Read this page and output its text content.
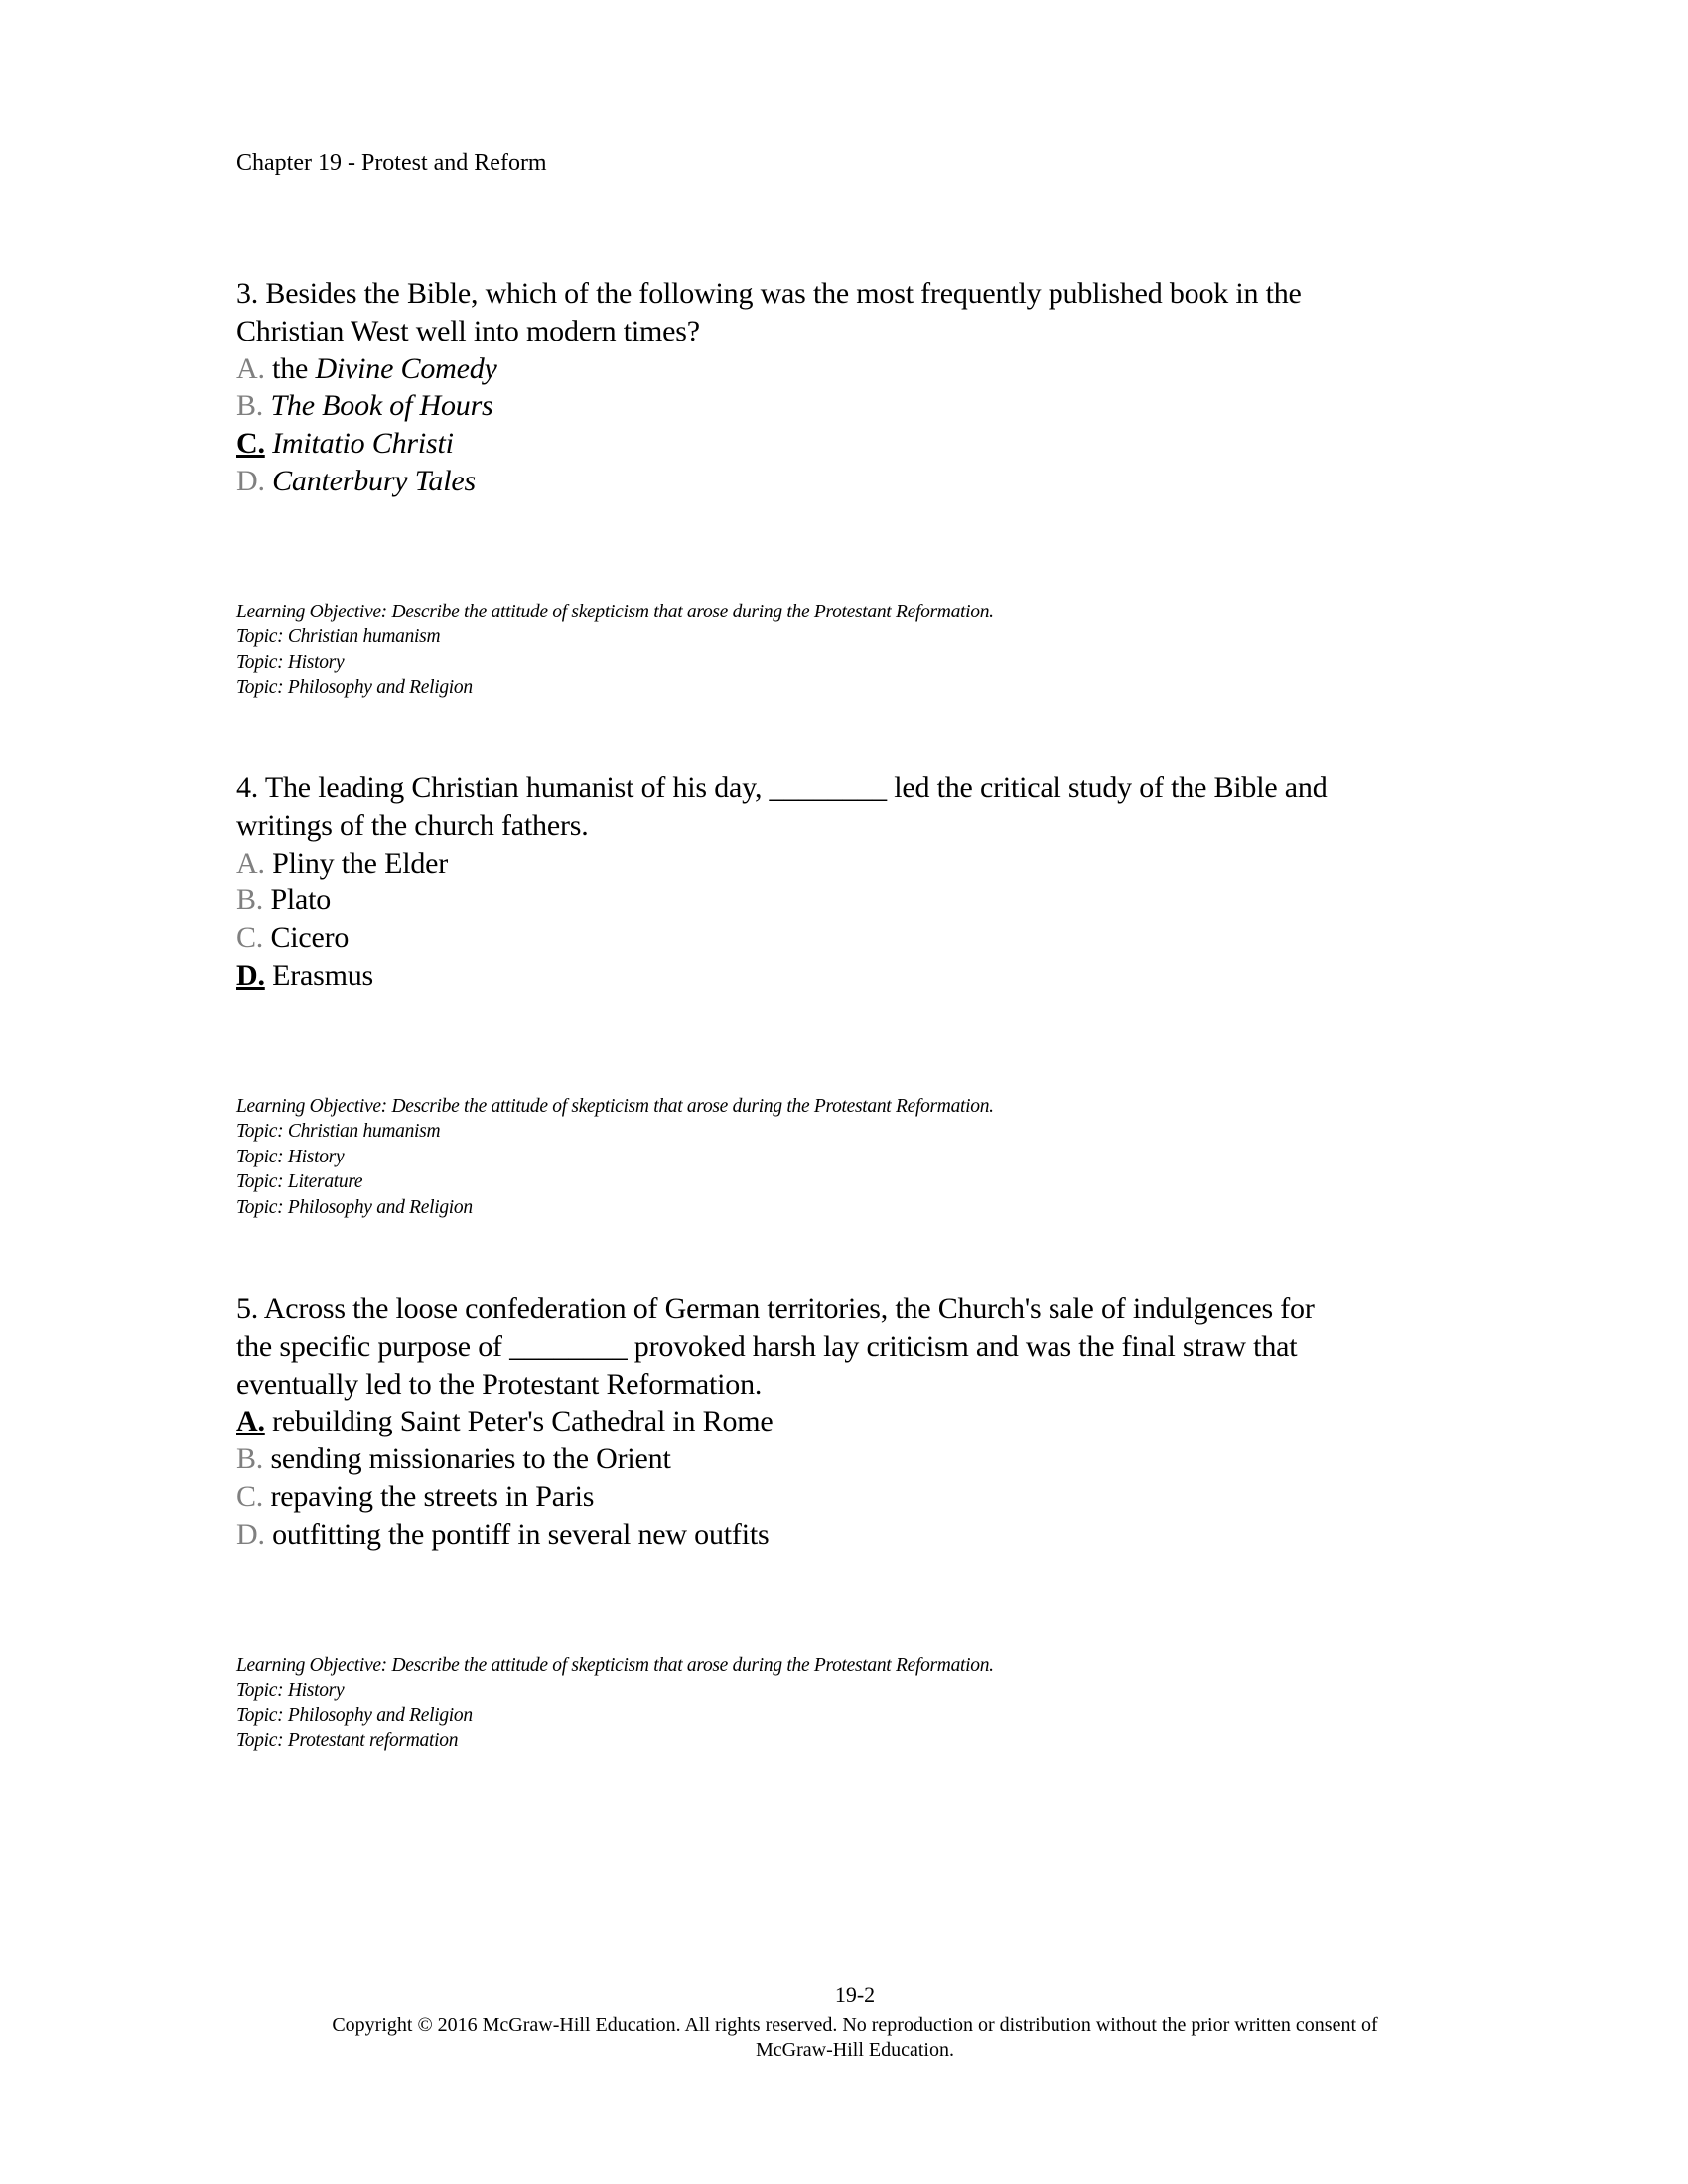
Chapter 19 - Protest and Reform
3. Besides the Bible, which of the following was the most frequently published book in the
Christian West well into modern times?
A. the Divine Comedy
B. The Book of Hours
C. Imitatio Christi
D. Canterbury Tales
Learning Objective: Describe the attitude of skepticism that arose during the Protestant Reformation.
Topic: Christian humanism
Topic: History
Topic: Philosophy and Religion
4. The leading Christian humanist of his day, ________ led the critical study of the Bible and
writings of the church fathers.
A. Pliny the Elder
B. Plato
C. Cicero
D. Erasmus
Learning Objective: Describe the attitude of skepticism that arose during the Protestant Reformation.
Topic: Christian humanism
Topic: History
Topic: Literature
Topic: Philosophy and Religion
5. Across the loose confederation of German territories, the Church's sale of indulgences for
the specific purpose of ________ provoked harsh lay criticism and was the final straw that
eventually led to the Protestant Reformation.
A. rebuilding Saint Peter's Cathedral in Rome
B. sending missionaries to the Orient
C. repaving the streets in Paris
D. outfitting the pontiff in several new outfits
Learning Objective: Describe the attitude of skepticism that arose during the Protestant Reformation.
Topic: History
Topic: Philosophy and Religion
Topic: Protestant reformation
19-2
Copyright © 2016 McGraw-Hill Education. All rights reserved. No reproduction or distribution without the prior written consent of
McGraw-Hill Education.
